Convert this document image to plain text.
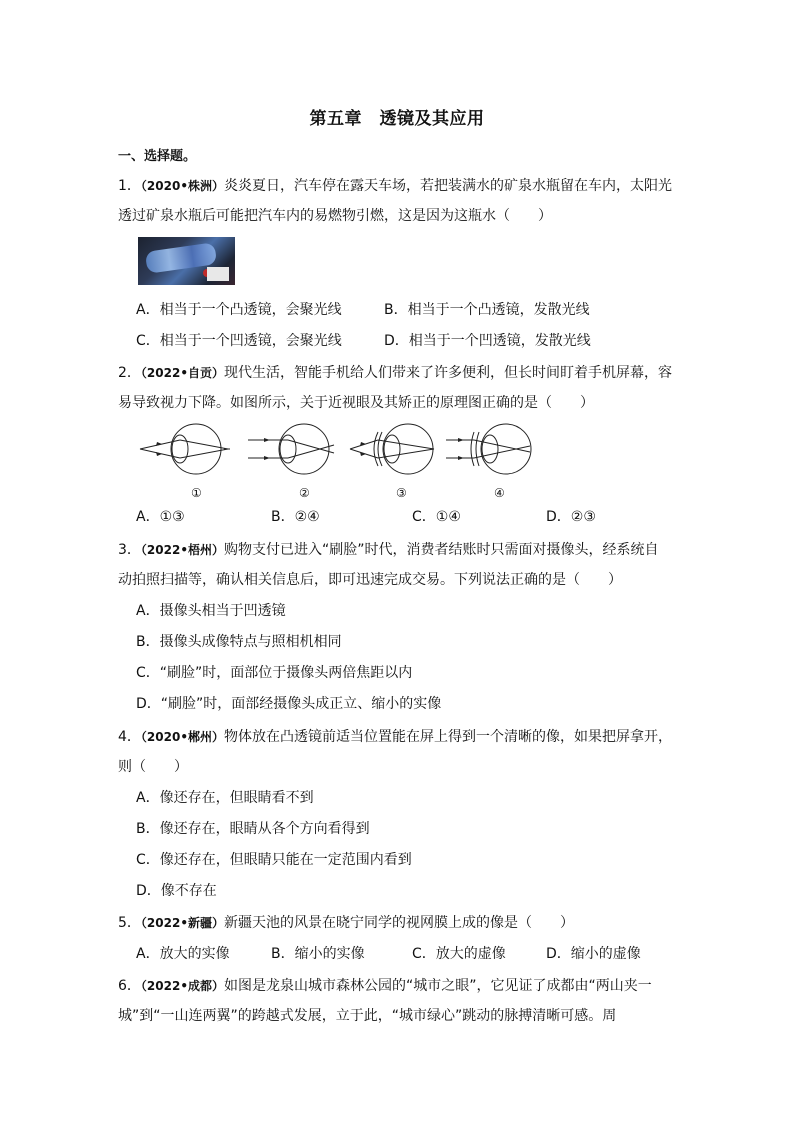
第五章　透镜及其应用
一、选择题。
1．（2020•株洲）炎炎夏日，汽车停在露天车场，若把装满水的矿泉水瓶留在车内，太阳光
透过矿泉水瓶后可能把汽车内的易燃物引燃，这是因为这瓶水（　　）
A．相当于一个凸透镜，会聚光线	B．相当于一个凸透镜，发散光线
C．相当于一个凹透镜，会聚光线	D．相当于一个凹透镜，发散光线
2．（2022•自贡）现代生活，智能手机给人们带来了许多便利，但长时间盯着手机屏幕，容
易导致视力下降。如图所示，关于近视眼及其矫正的原理图正确的是（　　）
①	②	③	④
A．①③	B．②④	C．①④	D．②③
3．（2022•梧州）购物支付已进入“刷脸”时代，消费者结账时只需面对摄像头，经系统自
动拍照扫描等，确认相关信息后，即可迅速完成交易。下列说法正确的是（　　）
A．摄像头相当于凹透镜
B．摄像头成像特点与照相机相同
C．“刷脸”时，面部位于摄像头两倍焦距以内
D．“刷脸”时，面部经摄像头成正立、缩小的实像
4．（2020•郴州）物体放在凸透镜前适当位置能在屏上得到一个清晰的像，如果把屏拿开，
则（　　）
A．像还存在，但眼睛看不到
B．像还存在，眼睛从各个方向看得到
C．像还存在，但眼睛只能在一定范围内看到
D．像不存在
5．（2022•新疆）新疆天池的风景在晓宁同学的视网膜上成的像是（　　）
A．放大的实像	B．缩小的实像	C．放大的虚像	D．缩小的虚像
6．（2022•成都）如图是龙泉山城市森林公园的“城市之眼”，它见证了成都由“两山夹一
城”到“一山连两翼”的跨越式发展，立于此，“城市绿心”跳动的脉搏清晰可感。周
